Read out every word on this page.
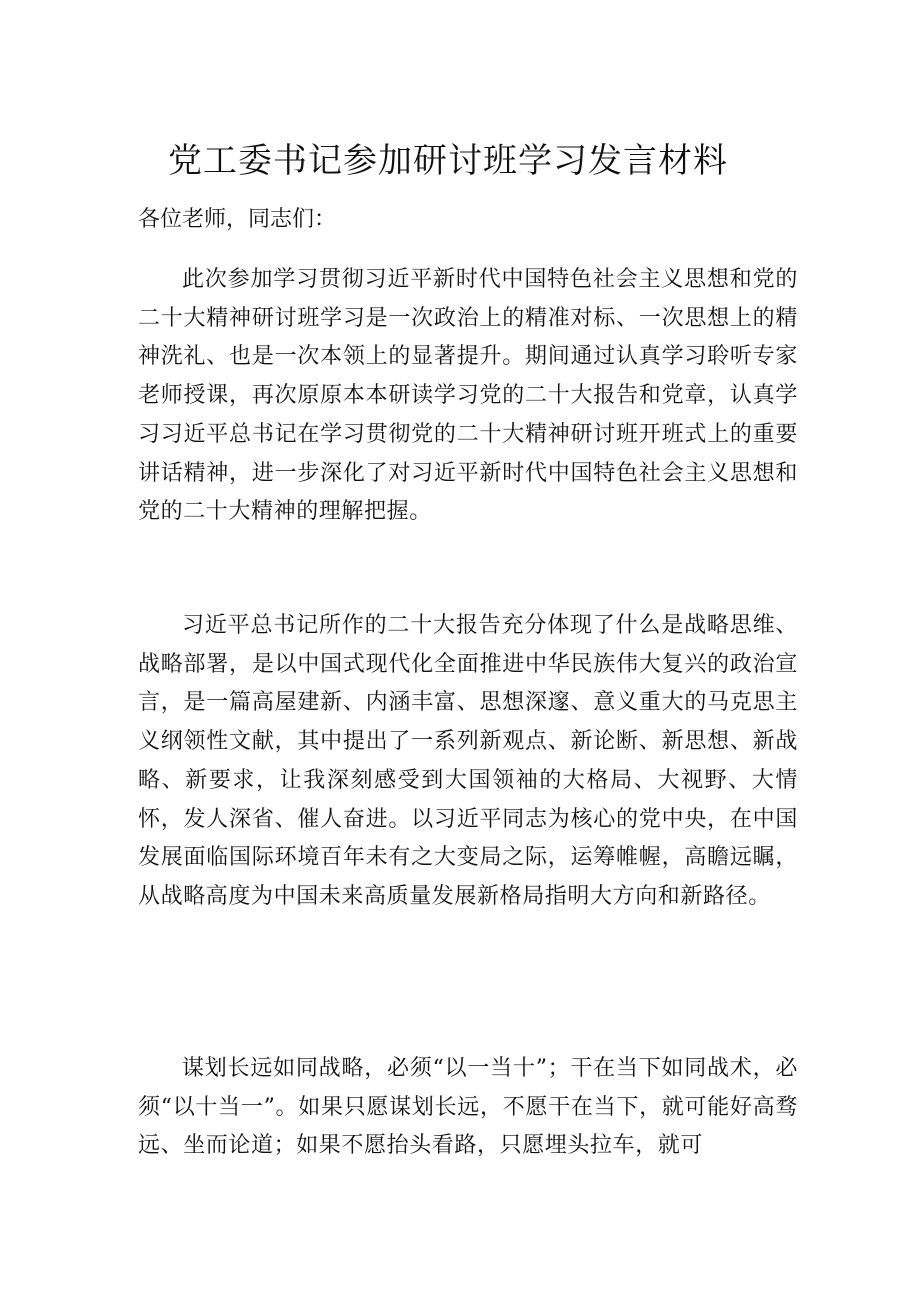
党工委书记参加研讨班学习发言材料
各位老师，同志们：

此次参加学习贯彻习近平新时代中国特色社会主义思想和党的二十大精神研讨班学习是一次政治上的精准对标、一次思想上的精神洗礼、也是一次本领上的显著提升。期间通过认真学习聆听专家老师授课，再次原原本本研读学习党的二十大报告和党章，认真学习习近平总书记在学习贯彻党的二十大精神研讨班开班式上的重要讲话精神，进一步深化了对习近平新时代中国特色社会主义思想和党的二十大精神的理解把握。

习近平总书记所作的二十大报告充分体现了什么是战略思维、战略部署，是以中国式现代化全面推进中华民族伟大复兴的政治宣言，是一篇高屋建新、内涵丰富、思想深邃、意义重大的马克思主义纲领性文献，其中提出了一系列新观点、新论断、新思想、新战略、新要求，让我深刻感受到大国领袖的大格局、大视野、大情怀，发人深省、催人奋进。以习近平同志为核心的党中央，在中国发展面临国际环境百年未有之大变局之际，运筹帷幄，高瞻远瞩，从战略高度为中国未来高质量发展新格局指明大方向和新路径。

谋划长远如同战略，必须“以一当十”；干在当下如同战术，必须“以十当一”。如果只愿谋划长远，不愿干在当下，就可能好高骛远、坐而论道；如果不愿抬头看路，只愿埋头拉车，就可
